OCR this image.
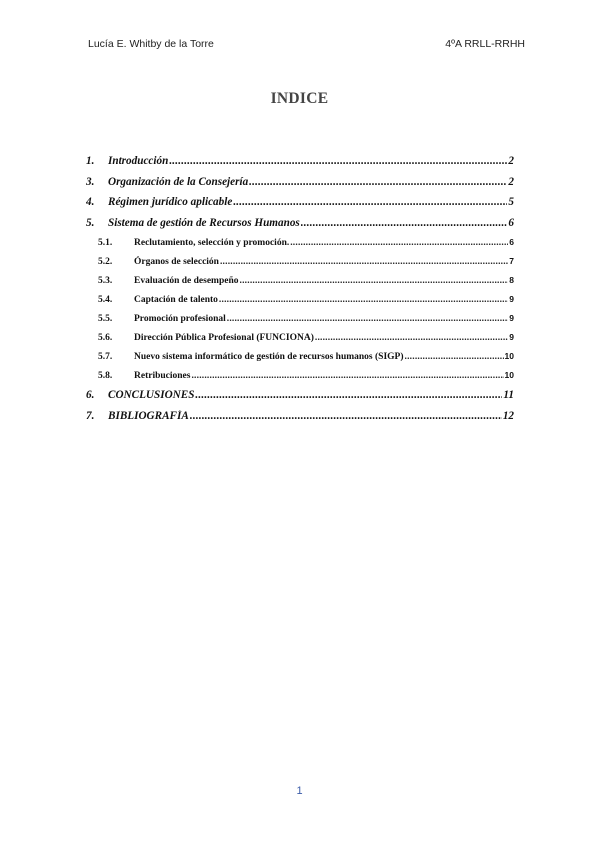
Lucía E. Whitby de la Torre	4ºA RRLL-RRHH
INDICE
1.	Introducción .....	2
3.	Organización de la Consejería .....	2
4.	Régimen jurídico aplicable .....	5
5.	Sistema de gestión de Recursos Humanos .....	6
5.1.	Reclutamiento, selección y promoción. .....	6
5.2.	Órganos de selección .....	7
5.3.	Evaluación de desempeño .....	8
5.4.	Captación de talento .....	9
5.5.	Promoción profesional .....	9
5.6.	Dirección Pública Profesional (FUNCIONA) .....	9
5.7.	Nuevo sistema informático de gestión de recursos humanos (SIGP) .....	10
5.8.	Retribuciones .....	10
6.	CONCLUSIONES .....	11
7.	BIBLIOGRAFÍA .....	12
1
